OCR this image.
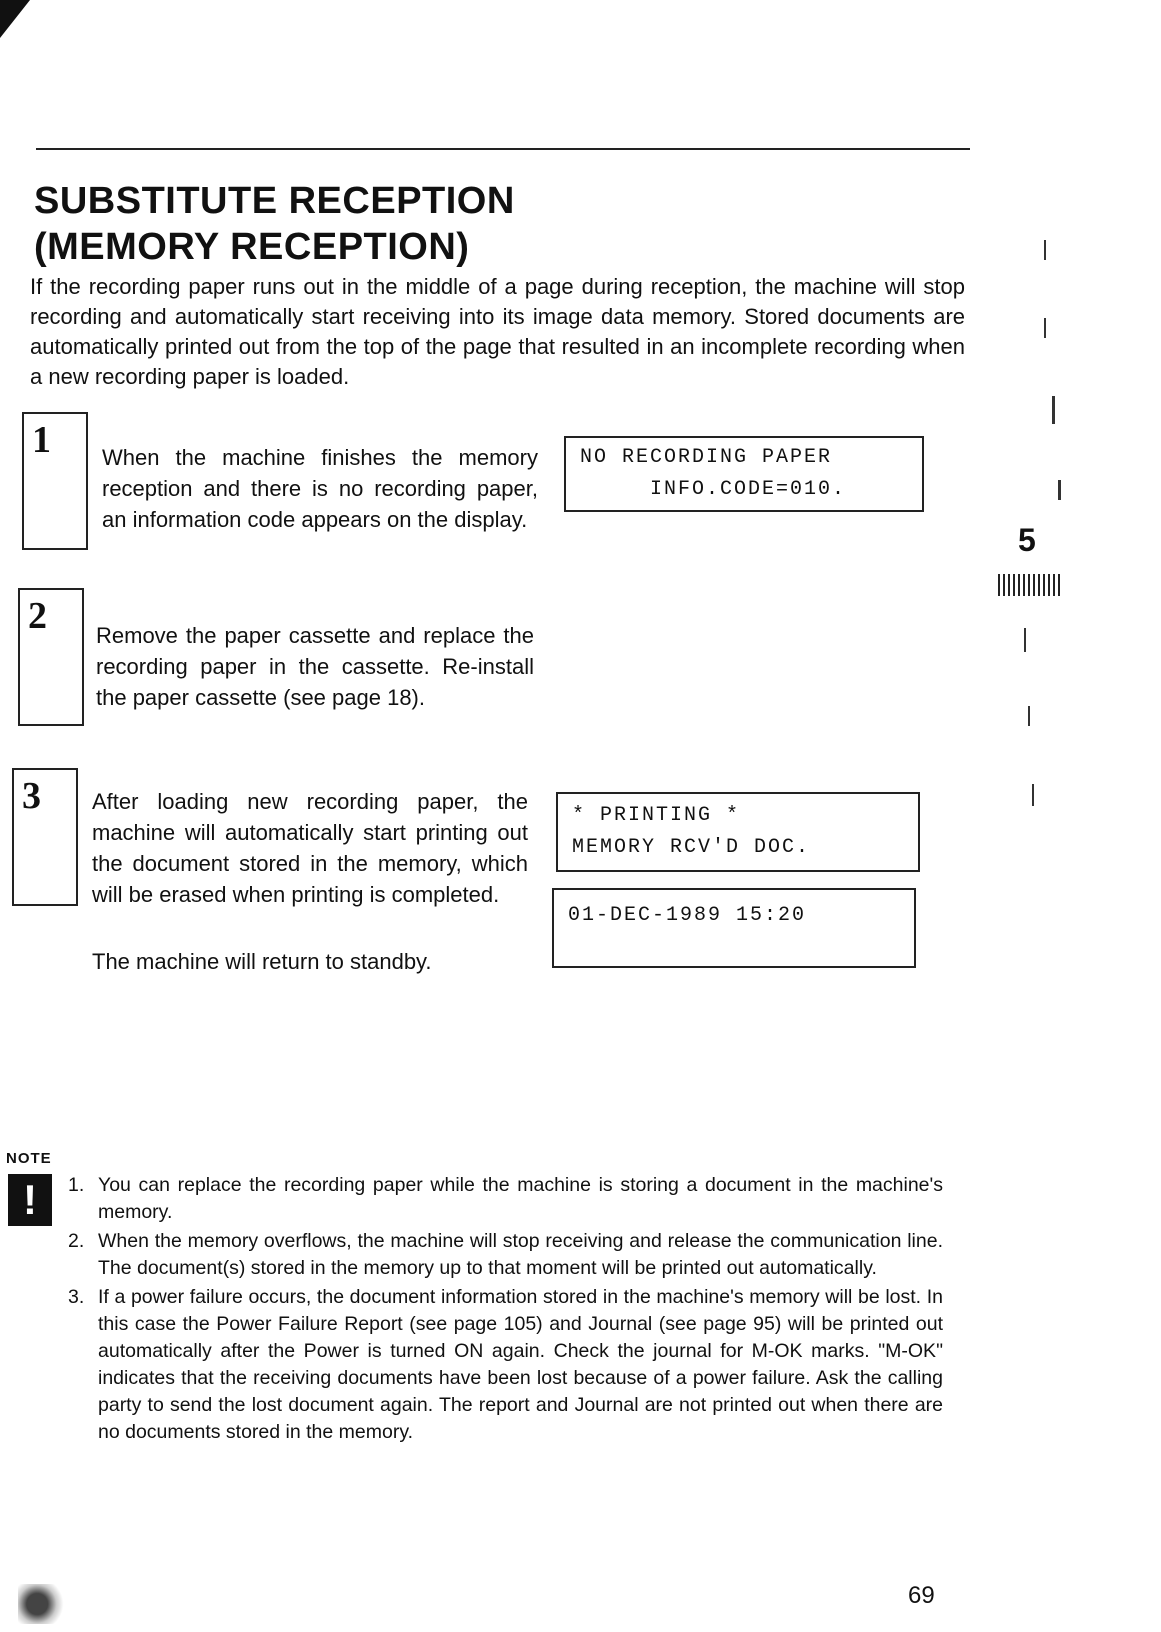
SUBSTITUTE RECEPTION
(MEMORY RECEPTION)

If the recording paper runs out in the middle of a page during reception, the machine will stop recording and automatically start receiving into its image data memory. Stored documents are automatically printed out from the top of the page that resulted in an incomplete recording when a new recording paper is loaded.

1 When the machine finishes the memory reception and there is no recording paper, an information code appears on the display.

NO RECORDING PAPER
INFO.CODE=010.
2 Remove the paper cassette and replace the recording paper in the cassette. Re-install the paper cassette (see page 18).

3 After loading new recording paper, the machine will automatically start printing out the document stored in the memory, which will be erased when printing is completed.

The machine will return to standby.

* PRINTING *
MEMORY RCV'D DOC.
01-DEC-1989 15:20
5
NOTE
!	1. You can replace the recording paper while the machine is storing a document in the machine's memory.
2. When the memory overflows, the machine will stop receiving and release the communication line. The document(s) stored in the memory up to that moment will be printed out automatically.
3. If a power failure occurs, the document information stored in the machine's memory will be lost. In this case the Power Failure Report (see page 105) and Journal (see page 95) will be printed out automatically after the Power is turned ON again. Check the journal for M-OK marks. "M-OK" indicates that the receiving documents have been lost because of a power failure. Ask the calling party to send the lost document again. The report and Journal are not printed out when there are no documents stored in the memory.
69
